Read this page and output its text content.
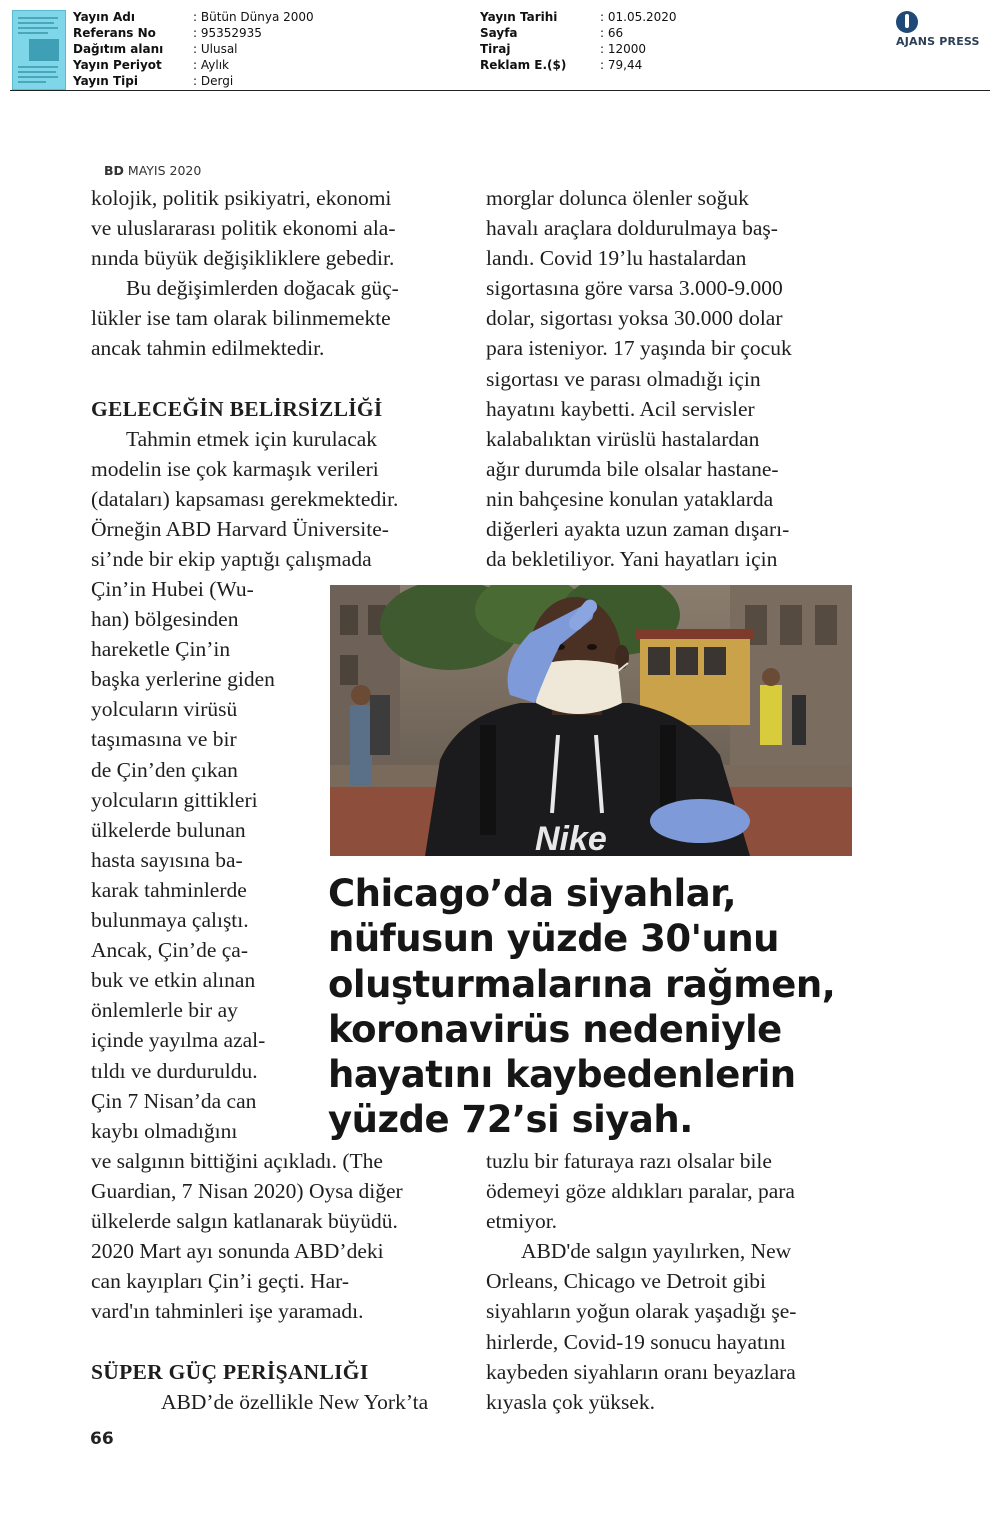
Yayın Adı	: Bütün Dünya 2000
Referans No	: 95352935
Dağıtım alanı : Ulusal
Yayın Periyot	: Aylık
Yayın Tipi	: Dergi
Yayın Tarihi	: 01.05.2020
Sayfa	: 66
Tiraj	: 12000
Reklam E.($)	: 79,44
AJANS PRESS
BD MAYIS 2020
kolojik, politik psikiyatri, ekonomi
ve uluslararası politik ekonomi ala-
nında büyük değişikliklere gebedir.
Bu değişimlerden doğacak güç-
lükler ise tam olarak bilinmemekte
ancak tahmin edilmektedir.
GELECEĞİN BELİRSİZLİĞİ
Tahmin etmek için kurulacak
modelin ise çok karmaşık verileri
(dataları) kapsaması gerekmektedir.
Örneğin ABD Harvard Üniversite-
si’nde bir ekip yaptığı çalışmada
Çin’in Hubei (Wu-
han) bölgesinden
hareketle Çin’in
başka yerlerine giden
yolcuların virüsü
taşımasına ve bir
de Çin’den çıkan
yolcuların gittikleri
ülkelerde bulunan
hasta sayısına ba-
karak tahminlerde
bulunmaya çalıştı.
Ancak, Çin’de ça-
buk ve etkin alınan
önlemlerle bir ay
içinde yayılma azal-
tıldı ve durduruldu.
Çin 7 Nisan’da can
kaybı olmadığını
ve salgının bittiğini açıkladı. (The
Guardian, 7 Nisan 2020) Oysa diğer
ülkelerde salgın katlanarak büyüdü.
2020 Mart ayı sonunda ABD’deki
can kayıpları Çin’i geçti. Har-
vard'ın tahminleri işe yaramadı.
SÜPER GÜÇ PERİŞANLIĞI
ABD’de özellikle New York’ta
morglar dolunca ölenler soğuk
havalı araçlara doldurulmaya baş-
landı. Covid 19’lu hastalardan
sigortasına göre varsa 3.000-9.000
dolar, sigortası yoksa 30.000 dolar
para isteniyor. 17 yaşında bir çocuk
sigortası ve parası olmadığı için
hayatını kaybetti. Acil servisler
kalabalıktan virüslü hastalardan
ağır durumda bile olsalar hastane-
nin bahçesine konulan yataklarda
diğerleri ayakta uzun zaman dışarı-
da bekletiliyor. Yani hayatları için
tuzlu bir faturaya razı olsalar bile
ödemeyi göze aldıkları paralar, para
etmiyor.
ABD'de salgın yayılırken, New
Orleans, Chicago ve Detroit gibi
siyahların yoğun olarak yaşadığı şe-
hirlerde, Covid-19 sonucu hayatını
kaybeden siyahların oranı beyazlara
kıyasla çok yüksek.
Nike
Chicago’da siyahlar,
nüfusun yüzde 30'unu
oluşturmalarına rağmen,
koronavirüs nedeniyle
hayatını kaybedenlerin
yüzde 72’si siyah.
66
